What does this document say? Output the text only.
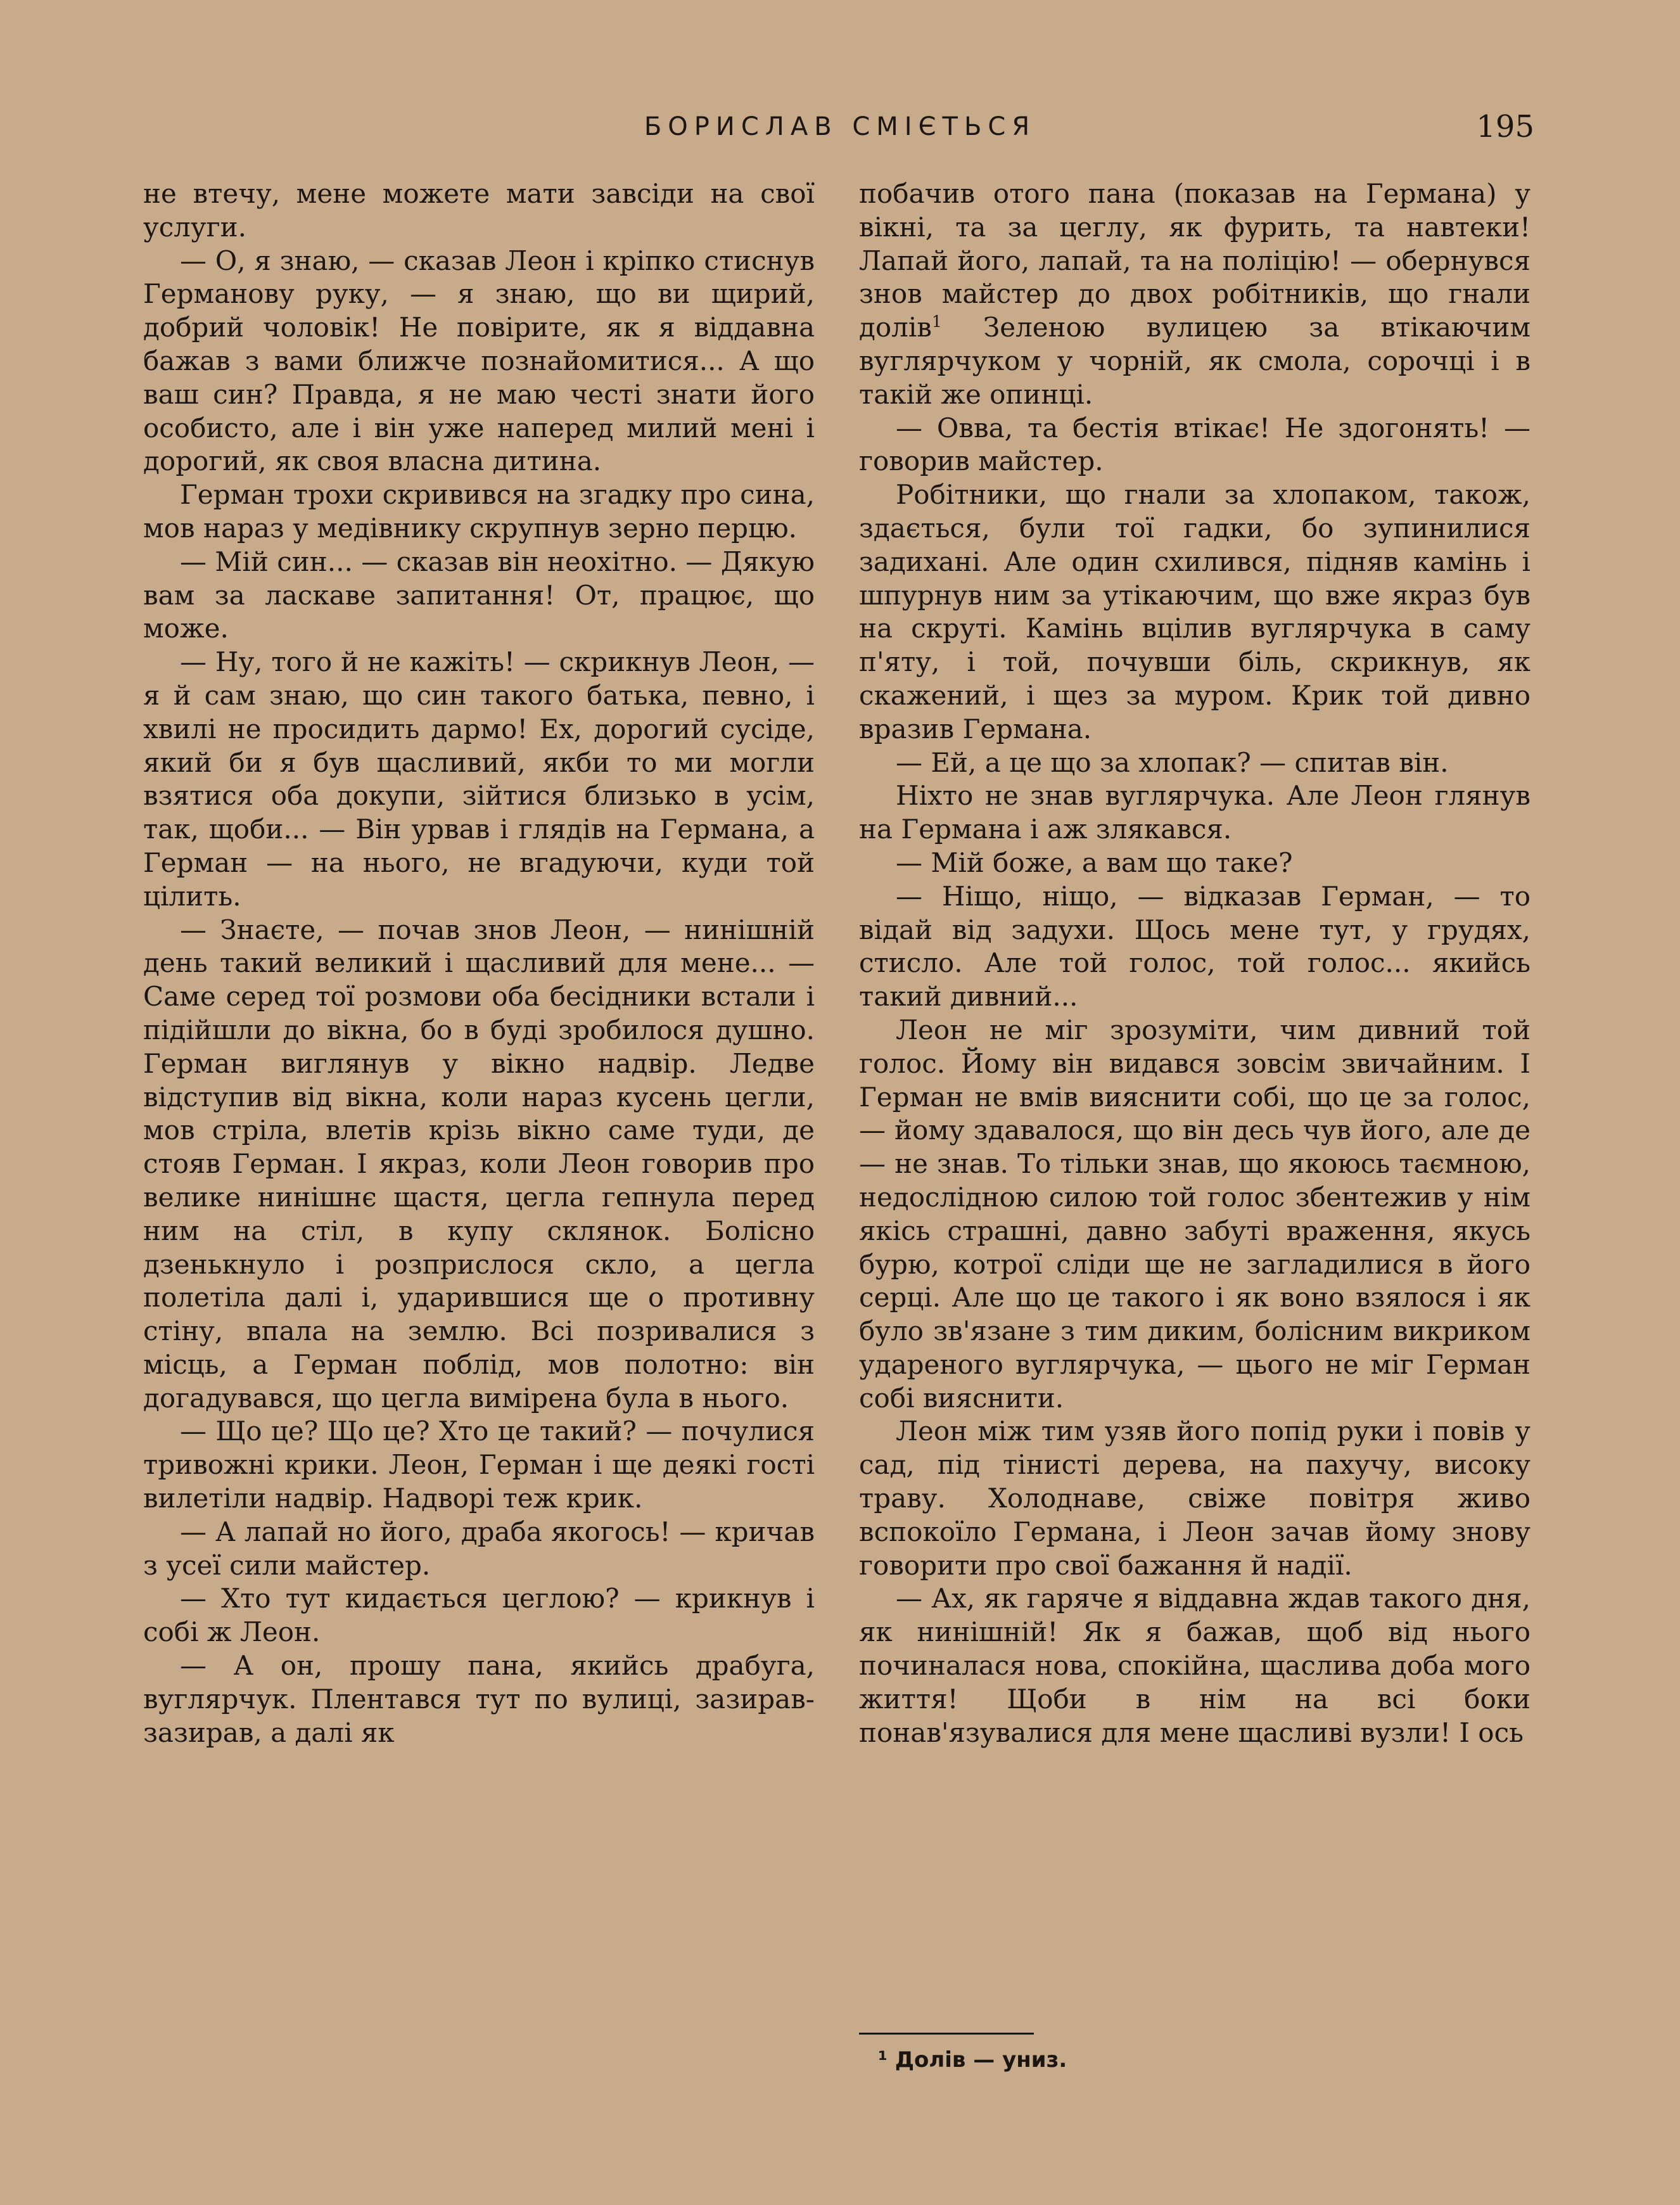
БОРИСЛАВ СМІЄТЬСЯ	195

не втечу, мене можете мати завсіди на свої услуги.

— О, я знаю, — сказав Леон і кріпко стиснув Германову руку, — я знаю, що ви щирий, добрий чоловік! Не повірите, як я віддавна бажав з вами ближче познайомитися... А що ваш син? Правда, я не маю честі знати його особисто, але і він уже наперед милий мені і дорогий, як своя власна дитина.

Герман трохи скривився на згадку про сина, мов нараз у медівнику скрупнув зерно перцю.

— Мій син... — сказав він неохітно. — Дякую вам за ласкаве запитання! От, працює, що може.

— Ну, того й не кажіть! — скрикнув Леон, — я й сам знаю, що син такого батька, певно, і хвилі не просидить дармо! Ех, дорогий сусіде, який би я був щасливий, якби то ми могли взятися оба докупи, зійтися близько в усім, так, щоби... — Він урвав і глядів на Германа, а Герман — на нього, не вгадуючи, куди той цілить.

— Знаєте, — почав знов Леон, — нинішній день такий великий і щасливий для мене... — Саме серед тої розмови оба бесідники встали і підійшли до вікна, бо в буді зробилося душно. Герман виглянув у вікно надвір. Ледве відступив від вікна, коли нараз кусень цегли, мов стріла, влетів крізь вікно саме туди, де стояв Герман. І якраз, коли Леон говорив про велике нинішнє щастя, цегла гепнула перед ним на стіл, в купу склянок. Болісно дзенькнуло і розприслося скло, а цегла полетіла далі і, ударившися ще о противну стіну, впала на землю. Всі позривалися з місць, а Герман поблід, мов полотно: він догадувався, що цегла вимірена була в нього.

— Що це? Що це? Хто це такий? — почулися тривожні крики. Леон, Герман і ще деякі гості вилетіли надвір. Надворі теж крик.

— А лапай но його, драба якогось! — кричав з усеї сили майстер.

— Хто тут кидається цеглою? — крикнув і собі ж Леон.

— А он, прошу пана, якийсь драбуга, вуглярчук. Плентався тут по вулиці, зазирав-зазирав, а далі як

побачив отого пана (показав на Германа) у вікні, та за цеглу, як фурить, та навтеки! Лапай його, лапай, та на поліцію! — обернувся знов майстер до двох робітників, що гнали долів$^1$ Зеленою вулицею за втікаючим вуглярчуком у чорній, як смола, сорочці і в такій же опинці.

— Овва, та бестія втікає! Не здогонять! — говорив майстер.

Робітники, що гнали за хлопаком, також, здається, були тої гадки, бо зупинилися задихані. Але один схилився, підняв камінь і шпурнув ним за утікаючим, що вже якраз був на скруті. Камінь вцілив вуглярчука в саму п'яту, і той, почувши біль, скрикнув, як скажений, і щез за муром. Крик той дивно вразив Германа.

— Ей, а це що за хлопак? — спитав він.

Ніхто не знав вуглярчука. Але Леон глянув на Германа і аж злякався.

— Мій боже, а вам що таке?

— Ніщо, ніщо, — відказав Герман, — то відай від задухи. Щось мене тут, у грудях, стисло. Але той голос, той голос... якийсь такий дивний...

Леон не міг зрозуміти, чим дивний той голос. Йому він видався зовсім звичайним. І Герман не вмів вияснити собі, що це за голос, — йому здавалося, що він десь чув його, але де — не знав. То тільки знав, що якоюсь таємною, недослідною силою той голос збентежив у нім якісь страшні, давно забуті враження, якусь бурю, котрої сліди ще не загладилися в його серці. Але що це такого і як воно взялося і як було зв'язане з тим диким, болісним викриком удареного вуглярчука, — цього не міг Герман собі вияснити.

Леон між тим узяв його попід руки і повів у сад, під тінисті дерева, на пахучу, високу траву. Холоднаве, свіже повітря живо вспокоїло Германа, і Леон зачав йому знову говорити про свої бажання й надії.

— Ах, як гаряче я віддавна ждав такого дня, як нинішній! Як я бажав, щоб від нього починалася нова, спокійна, щаслива доба мого життя! Щоби в нім на всі боки понав'язувалися для мене щасливі вузли! І ось

¹ Долів — униз.
